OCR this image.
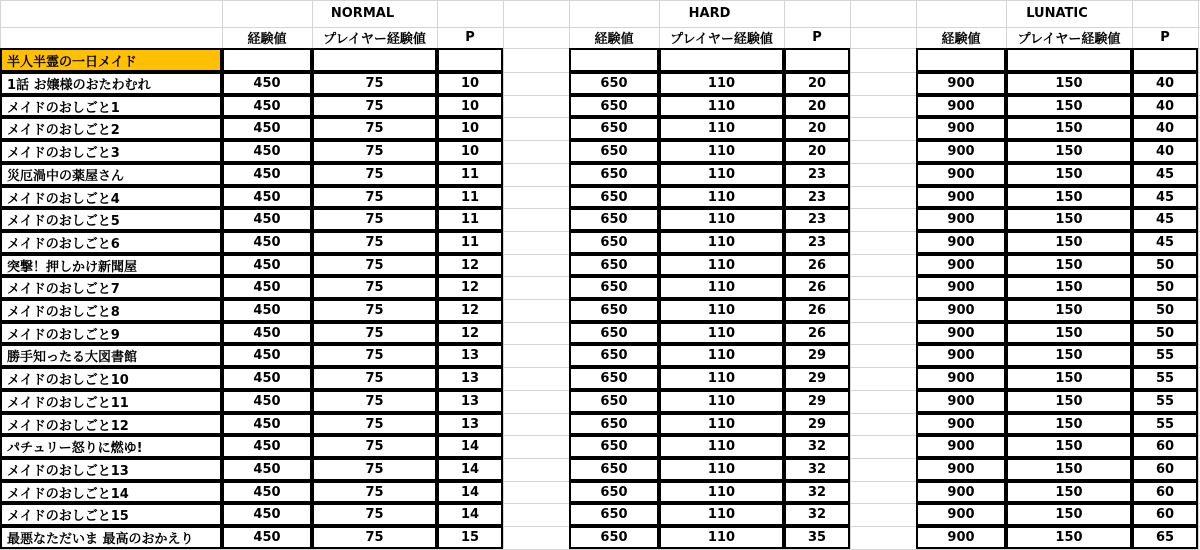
NORMAL	HARD	LUNATIC
経験値	プレイヤー経験値	P	経験値	プレイヤー経験値	P	経験値	プレイヤー経験値	P
半人半霊の一日メイド
1話 お嬢様のおたわむれ	450	75	10	650	110	20	900	150	40
メイドのおしごと1	450	75	10	650	110	20	900	150	40
メイドのおしごと2	450	75	10	650	110	20	900	150	40
メイドのおしごと3	450	75	10	650	110	20	900	150	40
災厄渦中の薬屋さん	450	75	11	650	110	23	900	150	45
メイドのおしごと4	450	75	11	650	110	23	900	150	45
メイドのおしごと5	450	75	11	650	110	23	900	150	45
メイドのおしごと6	450	75	11	650	110	23	900	150	45
突撃！押しかけ新聞屋	450	75	12	650	110	26	900	150	50
メイドのおしごと7	450	75	12	650	110	26	900	150	50
メイドのおしごと8	450	75	12	650	110	26	900	150	50
メイドのおしごと9	450	75	12	650	110	26	900	150	50
勝手知ったる大図書館	450	75	13	650	110	29	900	150	55
メイドのおしごと10	450	75	13	650	110	29	900	150	55
メイドのおしごと11	450	75	13	650	110	29	900	150	55
メイドのおしごと12	450	75	13	650	110	29	900	150	55
パチュリー怒りに燃ゆ!	450	75	14	650	110	32	900	150	60
メイドのおしごと13	450	75	14	650	110	32	900	150	60
メイドのおしごと14	450	75	14	650	110	32	900	150	60
メイドのおしごと15	450	75	14	650	110	32	900	150	60
最悪なただいま 最高のおかえり	450	75	15	650	110	35	900	150	65
